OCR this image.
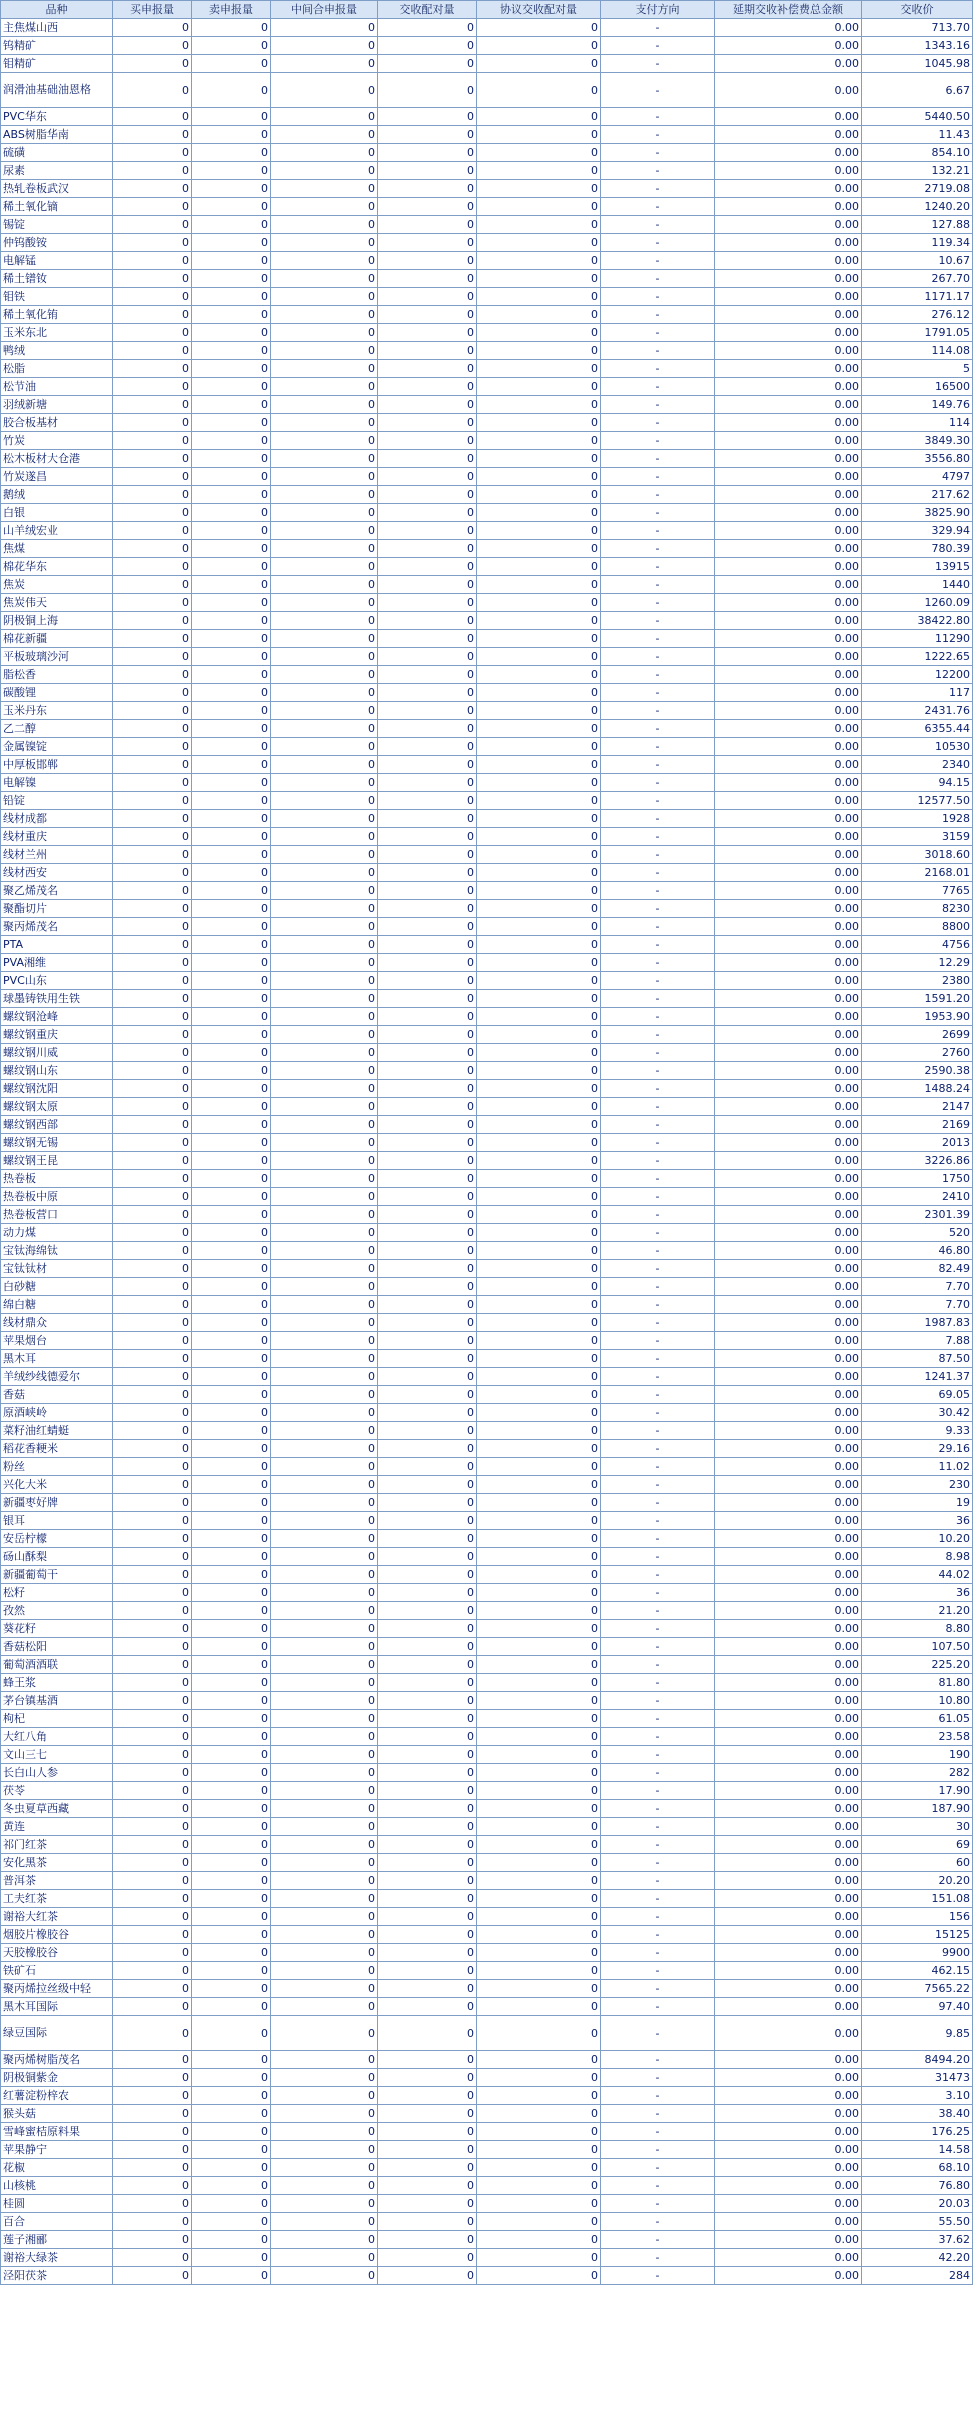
品种	买申报量	卖申报量	中间合申报量	交收配对量	协议交收配对量	支付方向	延期交收补偿费总金额	交收价
主焦煤山西	0	0	0	0	0	-	0.00	713.70
钨精矿	0	0	0	0	0	-	0.00	1343.16
钼精矿	0	0	0	0	0	-	0.00	1045.98
润滑油基础油恩格	0	0	0	0	0	-	0.00	6.67
PVC华东	0	0	0	0	0	-	0.00	5440.50
ABS树脂华南	0	0	0	0	0	-	0.00	11.43
硫磺	0	0	0	0	0	-	0.00	854.10
尿素	0	0	0	0	0	-	0.00	132.21
热轧卷板武汉	0	0	0	0	0	-	0.00	2719.08
稀土氧化镝	0	0	0	0	0	-	0.00	1240.20
锡锭	0	0	0	0	0	-	0.00	127.88
仲钨酸铵	0	0	0	0	0	-	0.00	119.34
电解锰	0	0	0	0	0	-	0.00	10.67
稀土镨钕	0	0	0	0	0	-	0.00	267.70
钼铁	0	0	0	0	0	-	0.00	1171.17
稀土氧化铕	0	0	0	0	0	-	0.00	276.12
玉米东北	0	0	0	0	0	-	0.00	1791.05
鸭绒	0	0	0	0	0	-	0.00	114.08
松脂	0	0	0	0	0	-	0.00	5
松节油	0	0	0	0	0	-	0.00	16500
羽绒新塘	0	0	0	0	0	-	0.00	149.76
胶合板基材	0	0	0	0	0	-	0.00	114
竹炭	0	0	0	0	0	-	0.00	3849.30
松木板材大仓港	0	0	0	0	0	-	0.00	3556.80
竹炭遂昌	0	0	0	0	0	-	0.00	4797
鹅绒	0	0	0	0	0	-	0.00	217.62
白银	0	0	0	0	0	-	0.00	3825.90
山羊绒宏业	0	0	0	0	0	-	0.00	329.94
焦煤	0	0	0	0	0	-	0.00	780.39
棉花华东	0	0	0	0	0	-	0.00	13915
焦炭	0	0	0	0	0	-	0.00	1440
焦炭伟天	0	0	0	0	0	-	0.00	1260.09
阴极铜上海	0	0	0	0	0	-	0.00	38422.80
棉花新疆	0	0	0	0	0	-	0.00	11290
平板玻璃沙河	0	0	0	0	0	-	0.00	1222.65
脂松香	0	0	0	0	0	-	0.00	12200
碳酸锂	0	0	0	0	0	-	0.00	117
玉米丹东	0	0	0	0	0	-	0.00	2431.76
乙二醇	0	0	0	0	0	-	0.00	6355.44
金属镍锭	0	0	0	0	0	-	0.00	10530
中厚板邯郸	0	0	0	0	0	-	0.00	2340
电解镍	0	0	0	0	0	-	0.00	94.15
铅锭	0	0	0	0	0	-	0.00	12577.50
线材成都	0	0	0	0	0	-	0.00	1928
线材重庆	0	0	0	0	0	-	0.00	3159
线材兰州	0	0	0	0	0	-	0.00	3018.60
线材西安	0	0	0	0	0	-	0.00	2168.01
聚乙烯茂名	0	0	0	0	0	-	0.00	7765
聚酯切片	0	0	0	0	0	-	0.00	8230
聚丙烯茂名	0	0	0	0	0	-	0.00	8800
PTA	0	0	0	0	0	-	0.00	4756
PVA湘维	0	0	0	0	0	-	0.00	12.29
PVC山东	0	0	0	0	0	-	0.00	2380
球墨铸铁用生铁	0	0	0	0	0	-	0.00	1591.20
螺纹钢沧峰	0	0	0	0	0	-	0.00	1953.90
螺纹钢重庆	0	0	0	0	0	-	0.00	2699
螺纹钢川威	0	0	0	0	0	-	0.00	2760
螺纹钢山东	0	0	0	0	0	-	0.00	2590.38
螺纹钢沈阳	0	0	0	0	0	-	0.00	1488.24
螺纹钢太原	0	0	0	0	0	-	0.00	2147
螺纹钢西部	0	0	0	0	0	-	0.00	2169
螺纹钢无锡	0	0	0	0	0	-	0.00	2013
螺纹钢王昆	0	0	0	0	0	-	0.00	3226.86
热卷板	0	0	0	0	0	-	0.00	1750
热卷板中原	0	0	0	0	0	-	0.00	2410
热卷板营口	0	0	0	0	0	-	0.00	2301.39
动力煤	0	0	0	0	0	-	0.00	520
宝钛海绵钛	0	0	0	0	0	-	0.00	46.80
宝钛钛材	0	0	0	0	0	-	0.00	82.49
白砂糖	0	0	0	0	0	-	0.00	7.70
绵白糖	0	0	0	0	0	-	0.00	7.70
线材鼎众	0	0	0	0	0	-	0.00	1987.83
苹果烟台	0	0	0	0	0	-	0.00	7.88
黑木耳	0	0	0	0	0	-	0.00	87.50
羊绒纱线德爱尔	0	0	0	0	0	-	0.00	1241.37
香菇	0	0	0	0	0	-	0.00	69.05
原酒峡岭	0	0	0	0	0	-	0.00	30.42
菜籽油红蜻蜓	0	0	0	0	0	-	0.00	9.33
稻花香粳米	0	0	0	0	0	-	0.00	29.16
粉丝	0	0	0	0	0	-	0.00	11.02
兴化大米	0	0	0	0	0	-	0.00	230
新疆枣好牌	0	0	0	0	0	-	0.00	19
银耳	0	0	0	0	0	-	0.00	36
安岳柠檬	0	0	0	0	0	-	0.00	10.20
砀山酥梨	0	0	0	0	0	-	0.00	8.98
新疆葡萄干	0	0	0	0	0	-	0.00	44.02
松籽	0	0	0	0	0	-	0.00	36
孜然	0	0	0	0	0	-	0.00	21.20
葵花籽	0	0	0	0	0	-	0.00	8.80
香菇松阳	0	0	0	0	0	-	0.00	107.50
葡萄酒酒联	0	0	0	0	0	-	0.00	225.20
蜂王浆	0	0	0	0	0	-	0.00	81.80
茅台镇基酒	0	0	0	0	0	-	0.00	10.80
枸杞	0	0	0	0	0	-	0.00	61.05
大红八角	0	0	0	0	0	-	0.00	23.58
文山三七	0	0	0	0	0	-	0.00	190
长白山人参	0	0	0	0	0	-	0.00	282
茯苓	0	0	0	0	0	-	0.00	17.90
冬虫夏草西藏	0	0	0	0	0	-	0.00	187.90
黄连	0	0	0	0	0	-	0.00	30
祁门红茶	0	0	0	0	0	-	0.00	69
安化黑茶	0	0	0	0	0	-	0.00	60
普洱茶	0	0	0	0	0	-	0.00	20.20
工夫红茶	0	0	0	0	0	-	0.00	151.08
谢裕大红茶	0	0	0	0	0	-	0.00	156
烟胶片橡胶谷	0	0	0	0	0	-	0.00	15125
天胶橡胶谷	0	0	0	0	0	-	0.00	9900
铁矿石	0	0	0	0	0	-	0.00	462.15
聚丙烯拉丝级中轻	0	0	0	0	0	-	0.00	7565.22
黑木耳国际	0	0	0	0	0	-	0.00	97.40
绿豆国际	0	0	0	0	0	-	0.00	9.85
聚丙烯树脂茂名	0	0	0	0	0	-	0.00	8494.20
阴极铜紫金	0	0	0	0	0	-	0.00	31473
红薯淀粉梓农	0	0	0	0	0	-	0.00	3.10
猴头菇	0	0	0	0	0	-	0.00	38.40
雪峰蜜桔原料果	0	0	0	0	0	-	0.00	176.25
苹果静宁	0	0	0	0	0	-	0.00	14.58
花椒	0	0	0	0	0	-	0.00	68.10
山核桃	0	0	0	0	0	-	0.00	76.80
桂圆	0	0	0	0	0	-	0.00	20.03
百合	0	0	0	0	0	-	0.00	55.50
莲子湘郦	0	0	0	0	0	-	0.00	37.62
谢裕大绿茶	0	0	0	0	0	-	0.00	42.20
泾阳茯茶	0	0	0	0	0	-	0.00	284
